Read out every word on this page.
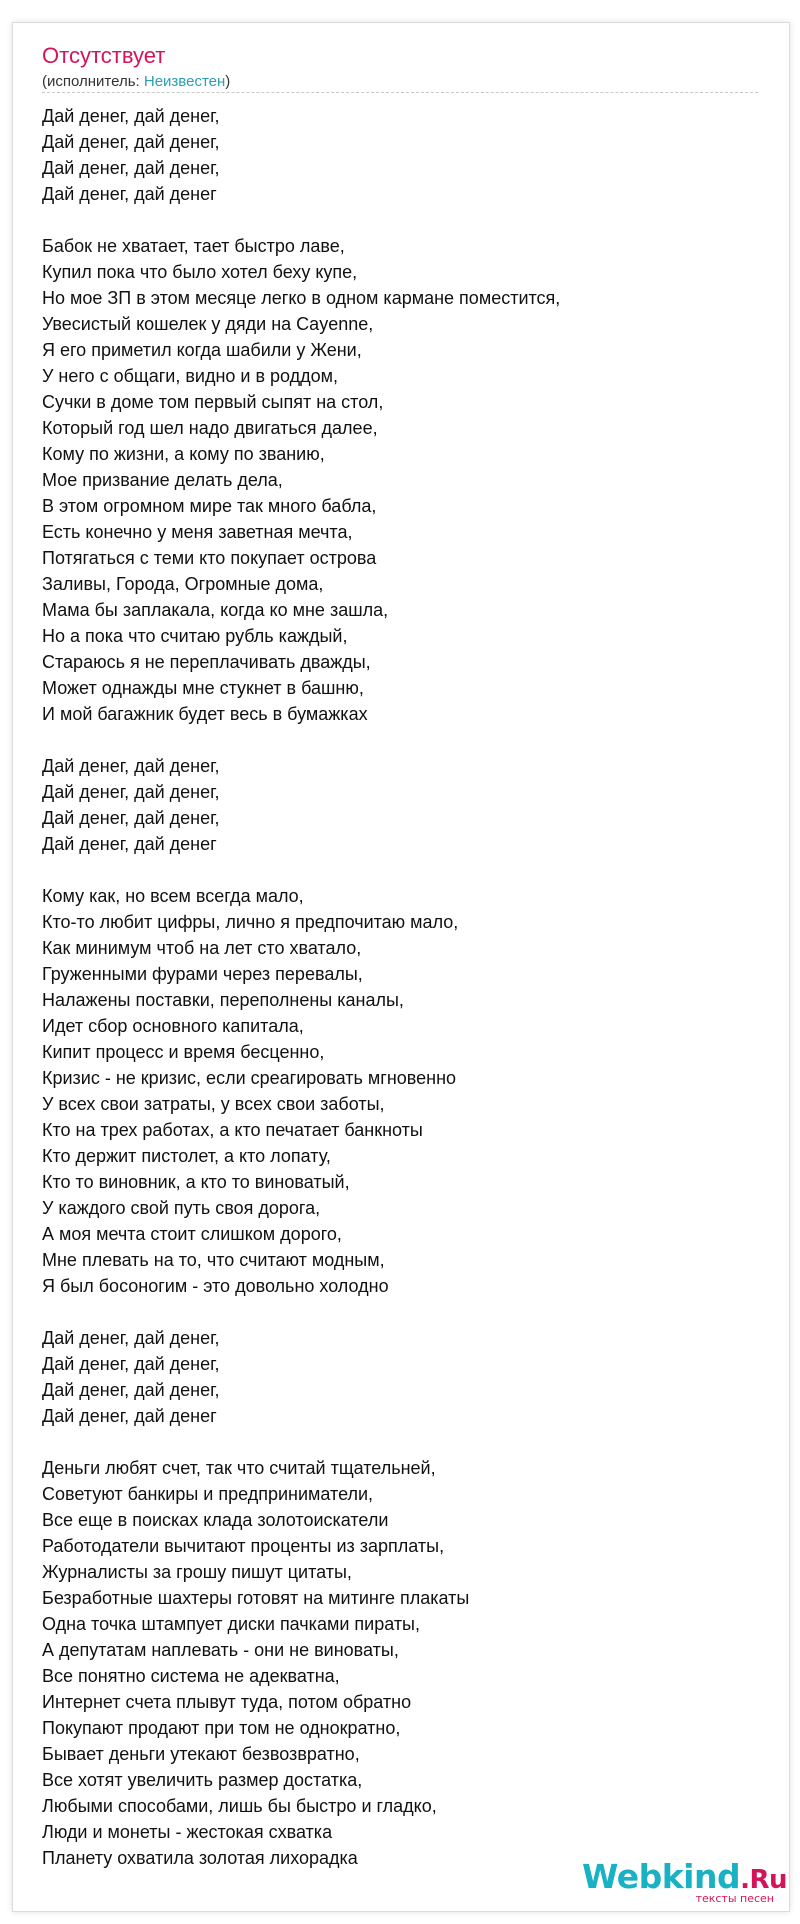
Отсутствует
(исполнитель: Неизвестен)
Дай денег, дай денег,
Дай денег, дай денег,
Дай денег, дай денег,
Дай денег, дай денег
Бабок не хватает, тает быстро лаве,
Купил пока что было хотел беху купе,
Но мое ЗП в этом месяце легко в одном кармане поместится,
Увесистый кошелек у дяди на Cayenne,
Я его приметил когда шабили у Жени,
У него с общаги, видно и в роддом,
Сучки в доме том первый сыпят на стол,
Который год шел надо двигаться далее,
Кому по жизни, а кому по званию,
Мое призвание делать дела,
В этом огромном мире так много бабла,
Есть конечно у меня заветная мечта,
Потягаться с теми кто покупает острова
Заливы, Города, Огромные дома,
Мама бы заплакала, когда ко мне зашла,
Но а пока что считаю рубль каждый,
Стараюсь я не переплачивать дважды,
Может однажды мне стукнет в башню,
И мой багажник будет весь в бумажках
Дай денег, дай денег,
Дай денег, дай денег,
Дай денег, дай денег,
Дай денег, дай денег
Кому как, но всем всегда мало,
Кто-то любит цифры, лично я предпочитаю мало,
Как минимум чтоб на лет сто хватало,
Груженными фурами через перевалы,
Налажены поставки, переполнены каналы,
Идет сбор основного капитала,
Кипит процесс и время бесценно,
Кризис - не кризис, если среагировать мгновенно
У всех свои затраты, у всех свои заботы,
Кто на трех работах, а кто печатает банкноты
Кто держит пистолет, а кто лопату,
Кто то виновник, а кто то виноватый,
У каждого свой путь своя дорога,
А моя мечта стоит слишком дорого,
Мне плевать на то, что считают модным,
Я был босоногим - это довольно холодно
Дай денег, дай денег,
Дай денег, дай денег,
Дай денег, дай денег,
Дай денег, дай денег
Деньги любят счет, так что считай тщательней,
Советуют банкиры и предприниматели,
Все еще в поисках клада золотоискатели
Работодатели вычитают проценты из зарплаты,
Журналисты за грошу пишут цитаты,
Безработные шахтеры готовят на митинге плакаты
Одна точка штампует диски пачками пираты,
А депутатам наплевать - они не виноваты,
Все понятно система не адекватна,
Интернет счета плывут туда, потом обратно
Покупают продают при том не однократно,
Бывает деньги утекают безвозвратно,
Все хотят увеличить размер достатка,
Любыми способами, лишь бы быстро и гладко,
Люди и монеты - жестокая схватка
Планету охватила золотая лихорадка	Webkind.Ru
тексты песен
